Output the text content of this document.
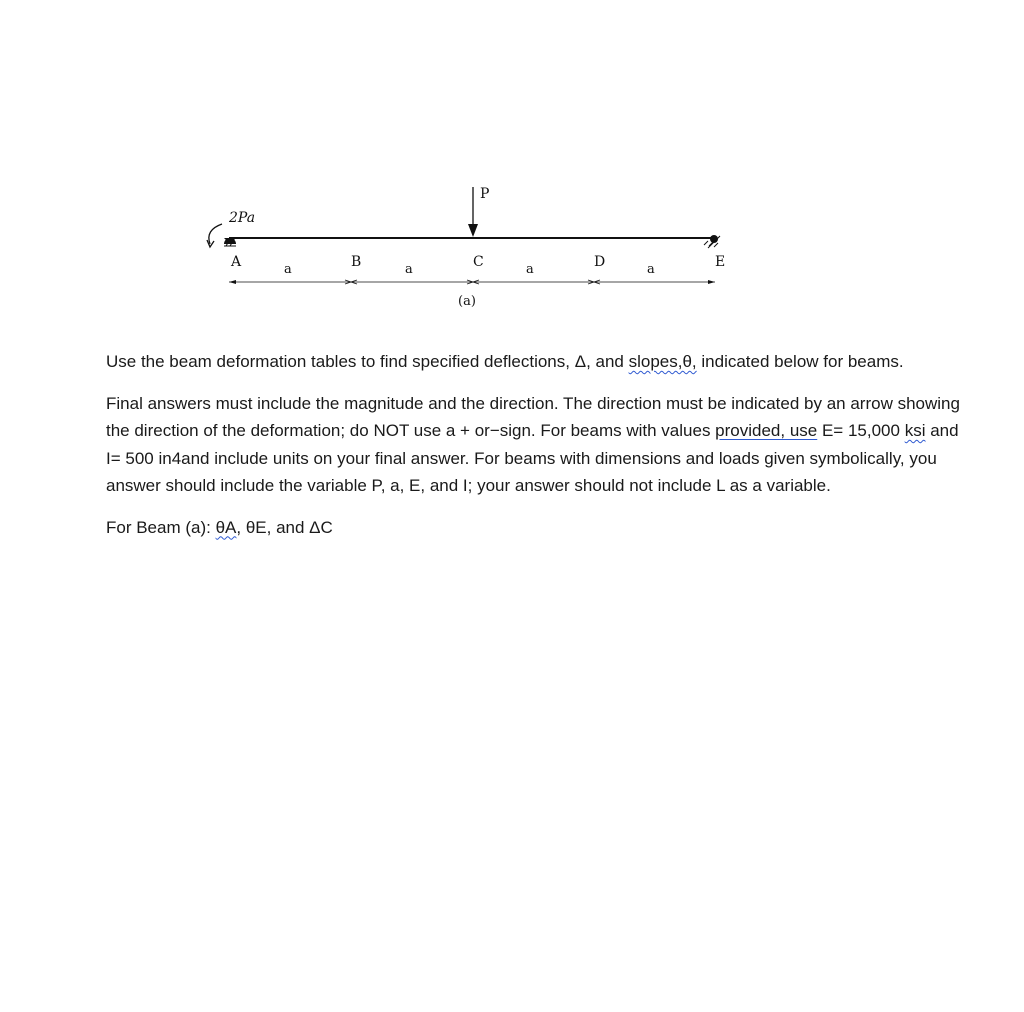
2Pa
P
A	B	C	D	E
a	a	a	a
(a)

Use the beam deformation tables to find specified deflections, Δ, and slopes,θ, indicated below for beams.

Final answers must include the magnitude and the direction. The direction must be indicated by an arrow showing the direction of the deformation; do NOT use a + or−sign. For beams with values provided, use E= 15,000 ksi and I= 500 in4and include units on your final answer. For beams with dimensions and loads given symbolically, you answer should include the variable P, a, E, and I; your answer should not include L as a variable.

For Beam (a): θA, θE, and ΔC
